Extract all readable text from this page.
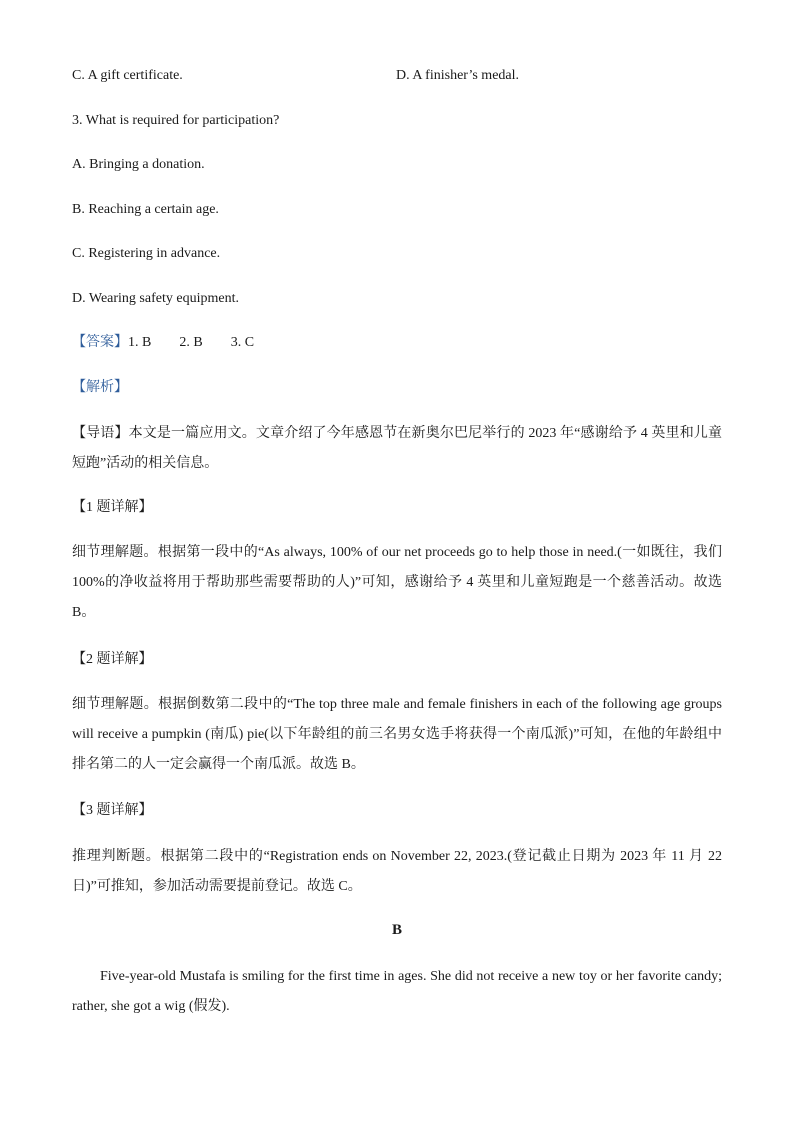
C. A gift certificate.	D. A finisher’s medal.
3. What is required for participation?
A. Bringing a donation.
B. Reaching a certain age.
C. Registering in advance.
D. Wearing safety equipment.
【答案】1. B 2. B 3. C
【解析】
【导语】本文是一篇应用文。文章介绍了今年感恩节在新奥尔巴尼举行的 2023 年“感谢给予 4 英里和儿童短跑”活动的相关信息。
【1 题详解】
细节理解题。根据第一段中的“As always, 100% of our net proceeds go to help those in need.(一如既往，我们 100%的净收益将用于帮助那些需要帮助的人)”可知，感谢给予 4 英里和儿童短跑是一个慈善活动。故选 B。
【2 题详解】
细节理解题。根据倒数第二段中的“The top three male and female finishers in each of the following age groups will receive a pumpkin (南瓜) pie(以下年龄组的前三名男女选手将获得一个南瓜派)”可知，在他的年龄组中排名第二的人一定会赢得一个南瓜派。故选 B。
【3 题详解】
推理判断题。根据第二段中的“Registration ends on November 22, 2023.(登记截止日期为 2023 年 11 月 22 日)”可推知，参加活动需要提前登记。故选 C。
B
Five-year-old Mustafa is smiling for the first time in ages. She did not receive a new toy or her favorite candy; rather, she got a wig (假发).
